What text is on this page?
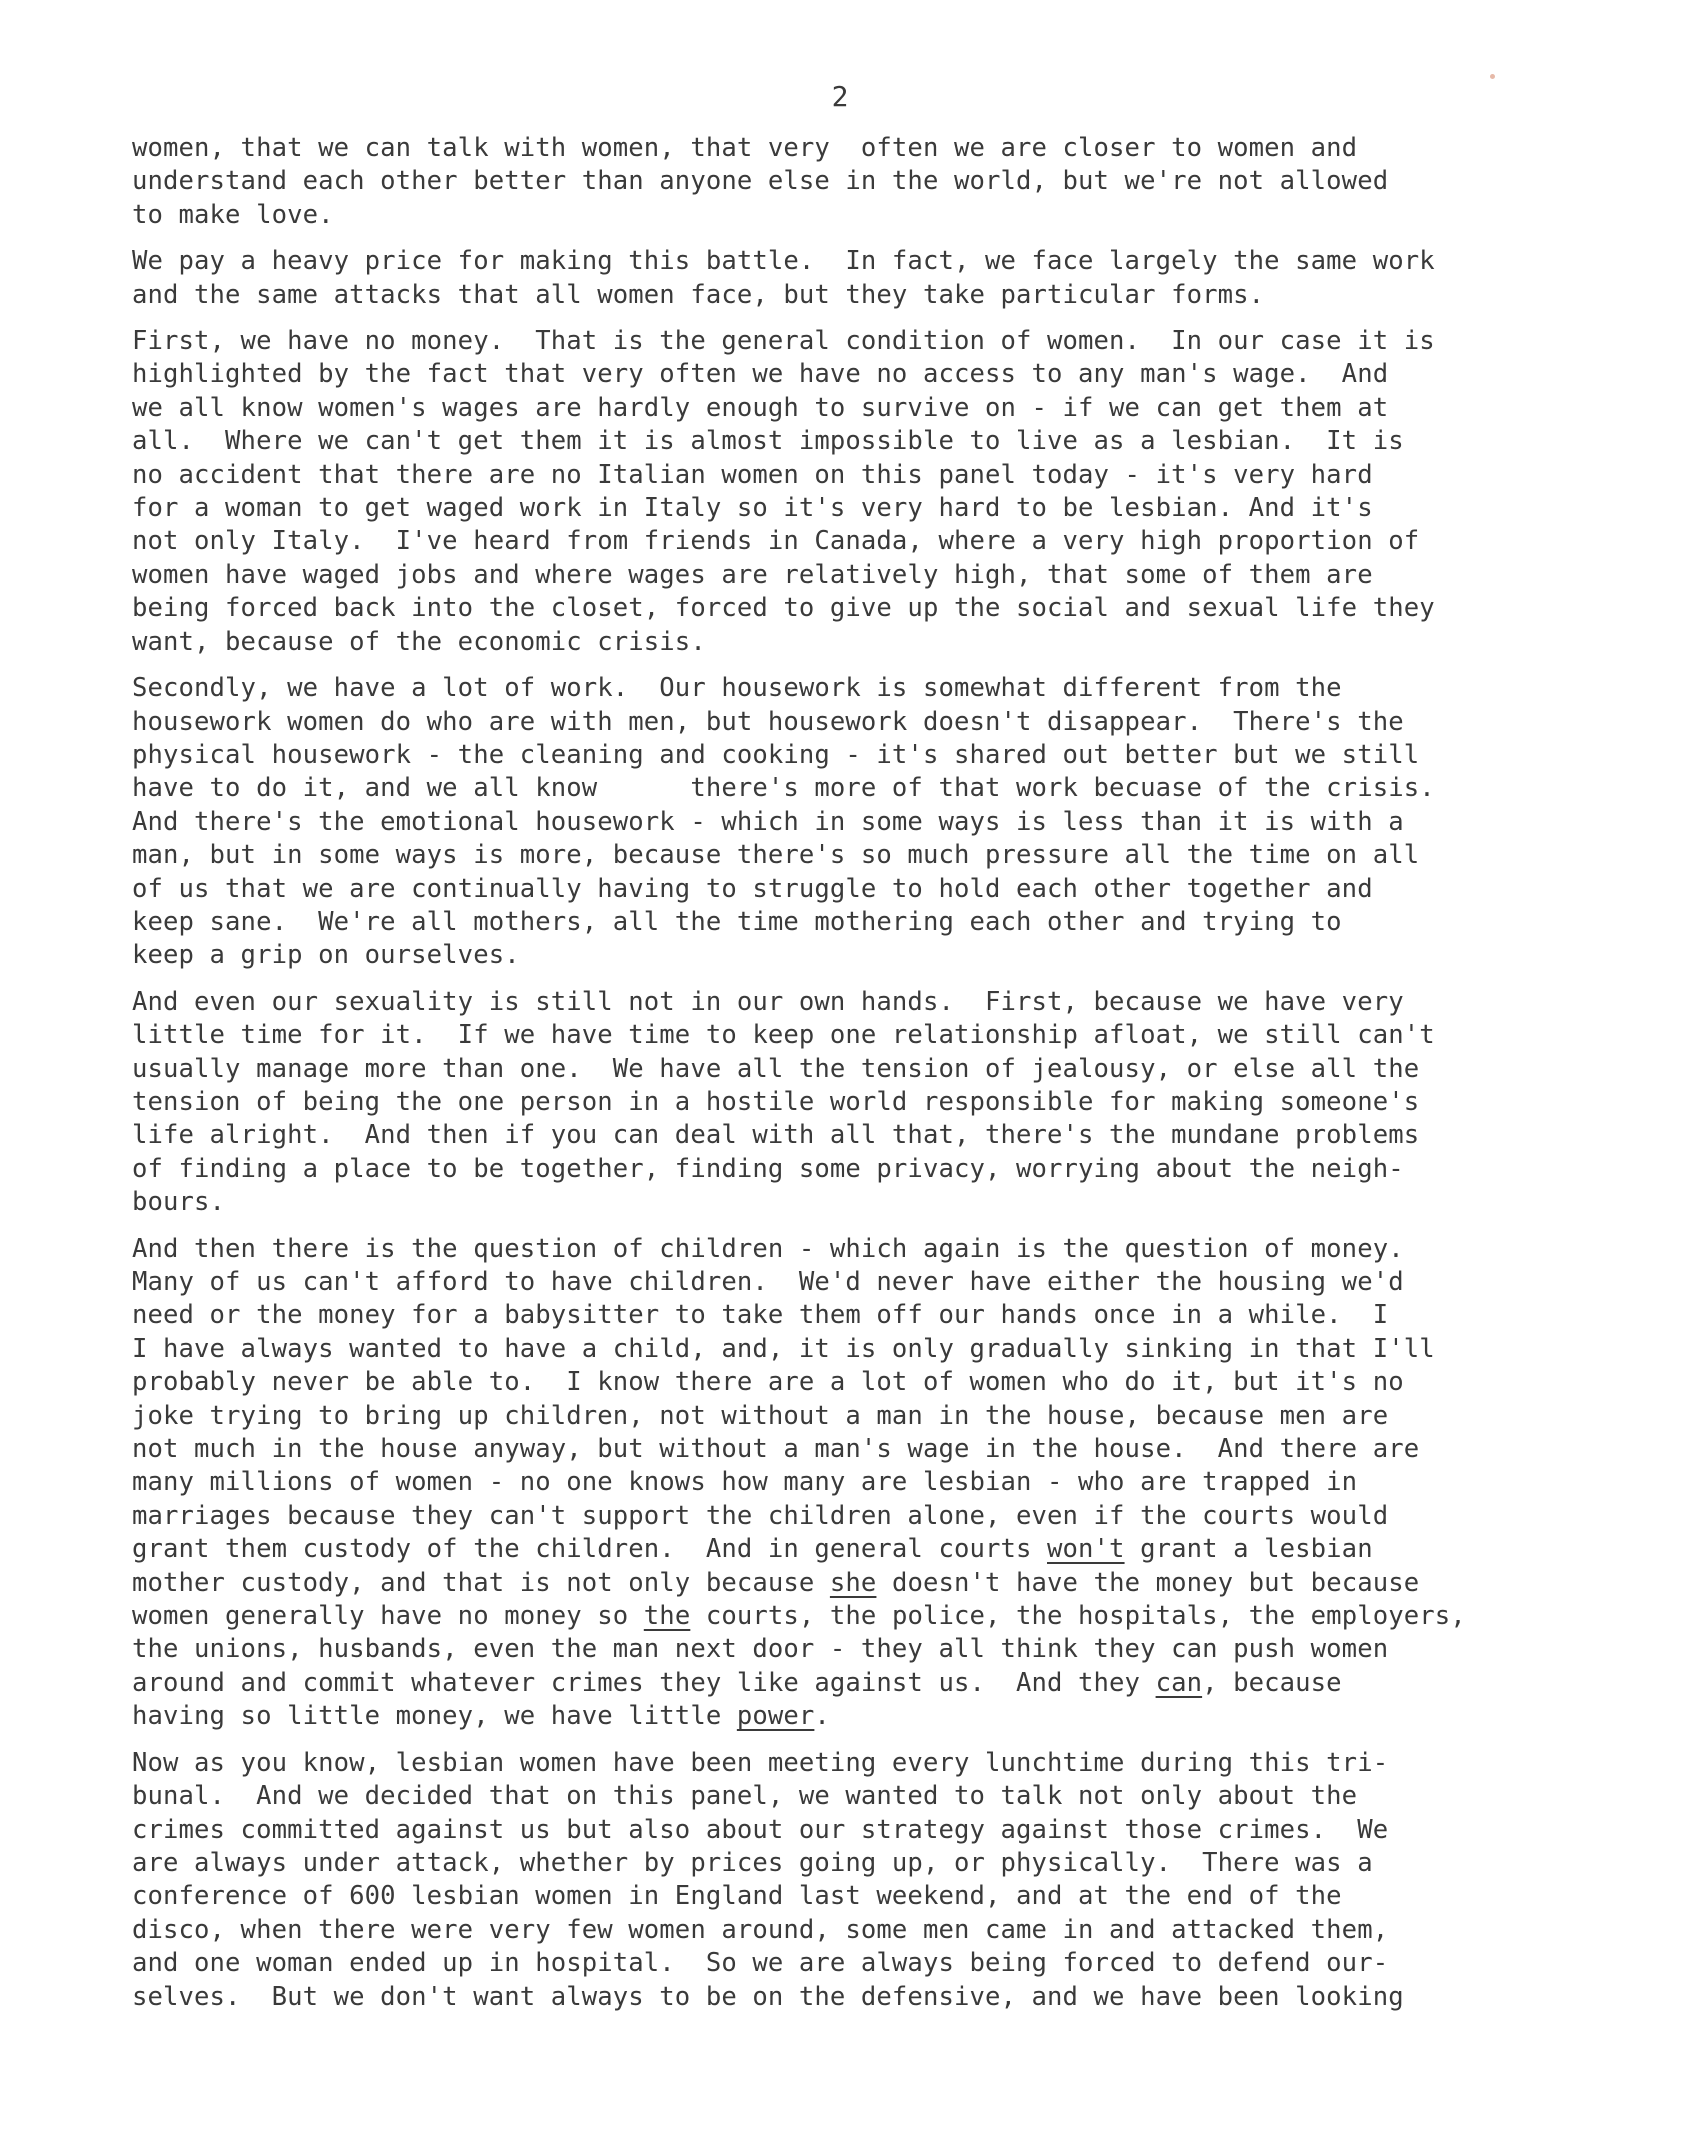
2
women, that we can talk with women, that very  often we are closer to women and
understand each other better than anyone else in the world, but we're not allowed
to make love.
We pay a heavy price for making this battle.  In fact, we face largely the same work
and the same attacks that all women face, but they take particular forms.
First, we have no money.  That is the general condition of women.  In our case it is
highlighted by the fact that very often we have no access to any man's wage.  And
we all know women's wages are hardly enough to survive on - if we can get them at
all.  Where we can't get them it is almost impossible to live as a lesbian.  It is
no accident that there are no Italian women on this panel today - it's very hard
for a woman to get waged work in Italy so it's very hard to be lesbian. And it's
not only Italy.  I've heard from friends in Canada, where a very high proportion of
women have waged jobs and where wages are relatively high, that some of them are
being forced back into the closet, forced to give up the social and sexual life they
want, because of the economic crisis.
Secondly, we have a lot of work.  Our housework is somewhat different from the
housework women do who are with men, but housework doesn't disappear.  There's the
physical housework - the cleaning and cooking - it's shared out better but we still
have to do it, and we all know      there's more of that work becuase of the crisis.
And there's the emotional housework - which in some ways is less than it is with a
man, but in some ways is more, because there's so much pressure all the time on all
of us that we are continually having to struggle to hold each other together and
keep sane.  We're all mothers, all the time mothering each other and trying to
keep a grip on ourselves.
And even our sexuality is still not in our own hands.  First, because we have very
little time for it.  If we have time to keep one relationship afloat, we still can't
usually manage more than one.  We have all the tension of jealousy, or else all the
tension of being the one person in a hostile world responsible for making someone's
life alright.  And then if you can deal with all that, there's the mundane problems
of finding a place to be together, finding some privacy, worrying about the neigh-
bours.
And then there is the question of children - which again is the question of money.
Many of us can't afford to have children.  We'd never have either the housing we'd
need or the money for a babysitter to take them off our hands once in a while.  I
I have always wanted to have a child, and, it is only gradually sinking in that I'll
probably never be able to.  I know there are a lot of women who do it, but it's no
joke trying to bring up children, not without a man in the house, because men are
not much in the house anyway, but without a man's wage in the house.  And there are
many millions of women - no one knows how many are lesbian - who are trapped in
marriages because they can't support the children alone, even if the courts would
grant them custody of the children.  And in general courts won't grant a lesbian
mother custody, and that is not only because she doesn't have the money but because
women generally have no money so the courts, the police, the hospitals, the employers,
the unions, husbands, even the man next door - they all think they can push women
around and commit whatever crimes they like against us.  And they can, because
having so little money, we have little power.
Now as you know, lesbian women have been meeting every lunchtime during this tri-
bunal.  And we decided that on this panel, we wanted to talk not only about the
crimes committed against us but also about our strategy against those crimes.  We
are always under attack, whether by prices going up, or physically.  There was a
conference of 600 lesbian women in England last weekend, and at the end of the
disco, when there were very few women around, some men came in and attacked them,
and one woman ended up in hospital.  So we are always being forced to defend our-
selves.  But we don't want always to be on the defensive, and we have been looking
